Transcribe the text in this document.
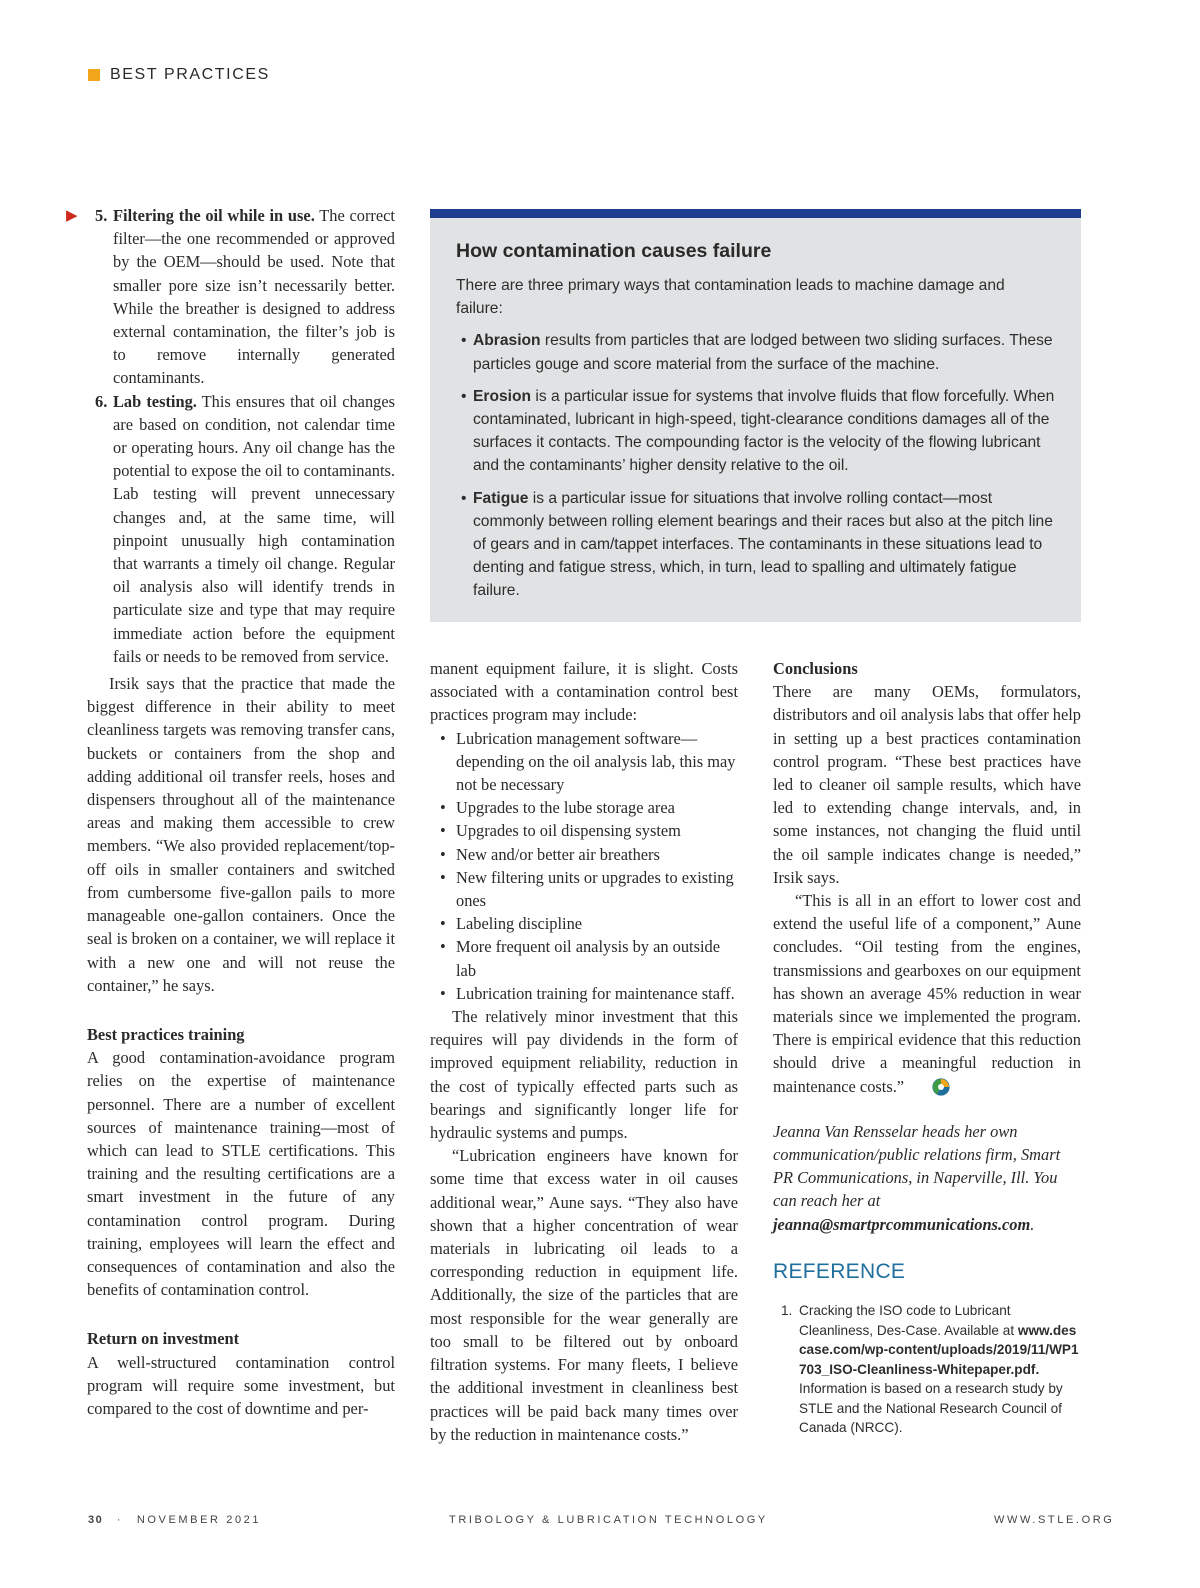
BEST PRACTICES
▶ 5. Filtering the oil while in use. The correct filter—the one recommended or approved by the OEM—should be used. Note that smaller pore size isn’t necessarily better. While the breather is designed to address external contamination, the filter’s job is to remove internally generated contaminants.
6. Lab testing. This ensures that oil changes are based on condition, not calendar time or operating hours. Any oil change has the potential to expose the oil to contaminants. Lab testing will prevent unnecessary changes and, at the same time, will pinpoint unusually high contamination that warrants a timely oil change. Regular oil analysis also will identify trends in particulate size and type that may require immediate action before the equipment fails or needs to be removed from service.

Irsik says that the practice that made the biggest difference in their ability to meet cleanliness targets was removing transfer cans, buckets or containers from the shop and adding additional oil transfer reels, hoses and dispensers throughout all of the maintenance areas and making them accessible to crew members. “We also provided replacement/top-off oils in smaller containers and switched from cumbersome five-gallon pails to more manageable one-gallon containers. Once the seal is broken on a container, we will replace it with a new one and will not reuse the container,” he says.

Best practices training

A good contamination-avoidance program relies on the expertise of maintenance personnel. There are a number of excellent sources of maintenance training—most of which can lead to STLE certifications. This training and the resulting certifications are a smart investment in the future of any contamination control program. During training, employees will learn the effect and consequences of contamination and also the benefits of contamination control.

Return on investment

A well-structured contamination control program will require some investment, but compared to the cost of downtime and per-

How contamination causes failure

There are three primary ways that contamination leads to machine damage and failure:

• Abrasion results from particles that are lodged between two sliding surfaces. These particles gouge and score material from the surface of the machine.
• Erosion is a particular issue for systems that involve fluids that flow forcefully. When contaminated, lubricant in high-speed, tight-clearance conditions damages all of the surfaces it contacts. The compounding factor is the velocity of the flowing lubricant and the contaminants’ higher density relative to the oil.
• Fatigue is a particular issue for situations that involve rolling contact—most commonly between rolling element bearings and their races but also at the pitch line of gears and in cam/tappet interfaces. The contaminants in these situations lead to denting and fatigue stress, which, in turn, lead to spalling and ultimately fatigue failure.

manent equipment failure, it is slight. Costs associated with a contamination control best practices program may include:

• Lubrication management software—depending on the oil analysis lab, this may not be necessary
• Upgrades to the lube storage area
• Upgrades to oil dispensing system
• New and/or better air breathers
• New filtering units or upgrades to existing ones
• Labeling discipline
• More frequent oil analysis by an outside lab
• Lubrication training for maintenance staff.

The relatively minor investment that this requires will pay dividends in the form of improved equipment reliability, reduction in the cost of typically effected parts such as bearings and significantly longer life for hydraulic systems and pumps.

“Lubrication engineers have known for some time that excess water in oil causes additional wear,” Aune says. “They also have shown that a higher concentration of wear materials in lubricating oil leads to a corresponding reduction in equipment life. Additionally, the size of the particles that are most responsible for the wear generally are too small to be filtered out by onboard filtration systems. For many fleets, I believe the additional investment in cleanliness best practices will be paid back many times over by the reduction in maintenance costs.”

Conclusions

There are many OEMs, formulators, distributors and oil analysis labs that offer help in setting up a best practices contamination control program. “These best practices have led to cleaner oil sample results, which have led to extending change intervals, and, in some instances, not changing the fluid until the oil sample indicates change is needed,” Irsik says.

“This is all in an effort to lower cost and extend the useful life of a component,” Aune concludes. “Oil testing from the engines, transmissions and gearboxes on our equipment has shown an average 45% reduction in wear materials since we implemented the program. There is empirical evidence that this reduction should drive a meaningful reduction in maintenance costs.”

Jeanna Van Rensselar heads her own communication/public relations firm, Smart PR Communications, in Naperville, Ill. You can reach her at jeanna@smartprcommunications.com.

REFERENCE
1. Cracking the ISO code to Lubricant Cleanliness, Des-Case. Available at www.descase.com/wp-content/uploads/2019/11/WP1703_ISO-Cleanliness-Whitepaper.pdf. Information is based on a research study by STLE and the National Research Council of Canada (NRCC).
30 · NOVEMBER 2021	TRIBOLOGY & LUBRICATION TECHNOLOGY	WWW.STLE.ORG
